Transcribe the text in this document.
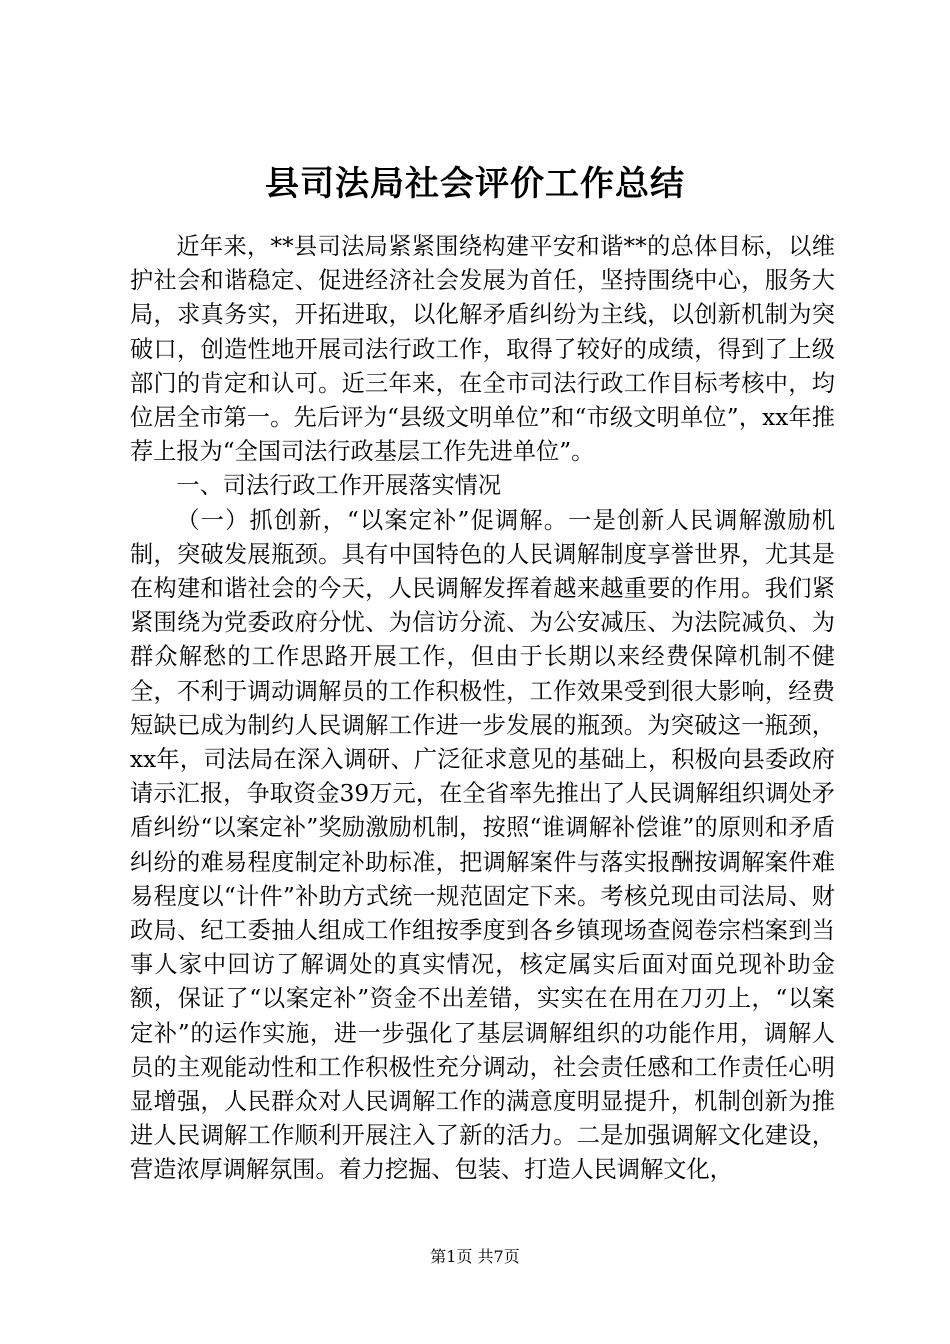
县司法局社会评价工作总结

近年来，**县司法局紧紧围绕构建平安和谐**的总体目标，以维护社会和谐稳定、促进经济社会发展为首任，坚持围绕中心，服务大局，求真务实，开拓进取，以化解矛盾纠纷为主线，以创新机制为突破口，创造性地开展司法行政工作，取得了较好的成绩，得到了上级部门的肯定和认可。近三年来，在全市司法行政工作目标考核中，均位居全市第一。先后评为“县级文明单位”和“市级文明单位”，xx年推荐上报为“全国司法行政基层工作先进单位”。

一、司法行政工作开展落实情况

（一）抓创新，“以案定补”促调解。一是创新人民调解激励机制，突破发展瓶颈。具有中国特色的人民调解制度享誉世界，尤其是在构建和谐社会的今天，人民调解发挥着越来越重要的作用。我们紧紧围绕为党委政府分忧、为信访分流、为公安减压、为法院减负、为群众解愁的工作思路开展工作，但由于长期以来经费保障机制不健全，不利于调动调解员的工作积极性，工作效果受到很大影响，经费短缺已成为制约人民调解工作进一步发展的瓶颈。为突破这一瓶颈，xx年，司法局在深入调研、广泛征求意见的基础上，积极向县委政府请示汇报，争取资金39万元，在全省率先推出了人民调解组织调处矛盾纠纷“以案定补”奖励激励机制，按照“谁调解补偿谁”的原则和矛盾纠纷的难易程度制定补助标准，把调解案件与落实报酬按调解案件难易程度以“计件”补助方式统一规范固定下来。考核兑现由司法局、财政局、纪工委抽人组成工作组按季度到各乡镇现场查阅卷宗档案到当事人家中回访了解调处的真实情况，核定属实后面对面兑现补助金额，保证了“以案定补”资金不出差错，实实在在用在刀刃上，“以案定补”的运作实施，进一步强化了基层调解组织的功能作用，调解人员的主观能动性和工作积极性充分调动，社会责任感和工作责任心明显增强，人民群众对人民调解工作的满意度明显提升，机制创新为推进人民调解工作顺利开展注入了新的活力。二是加强调解文化建设，营造浓厚调解氛围。着力挖掘、包装、打造人民调解文化，

第1页 共7页
